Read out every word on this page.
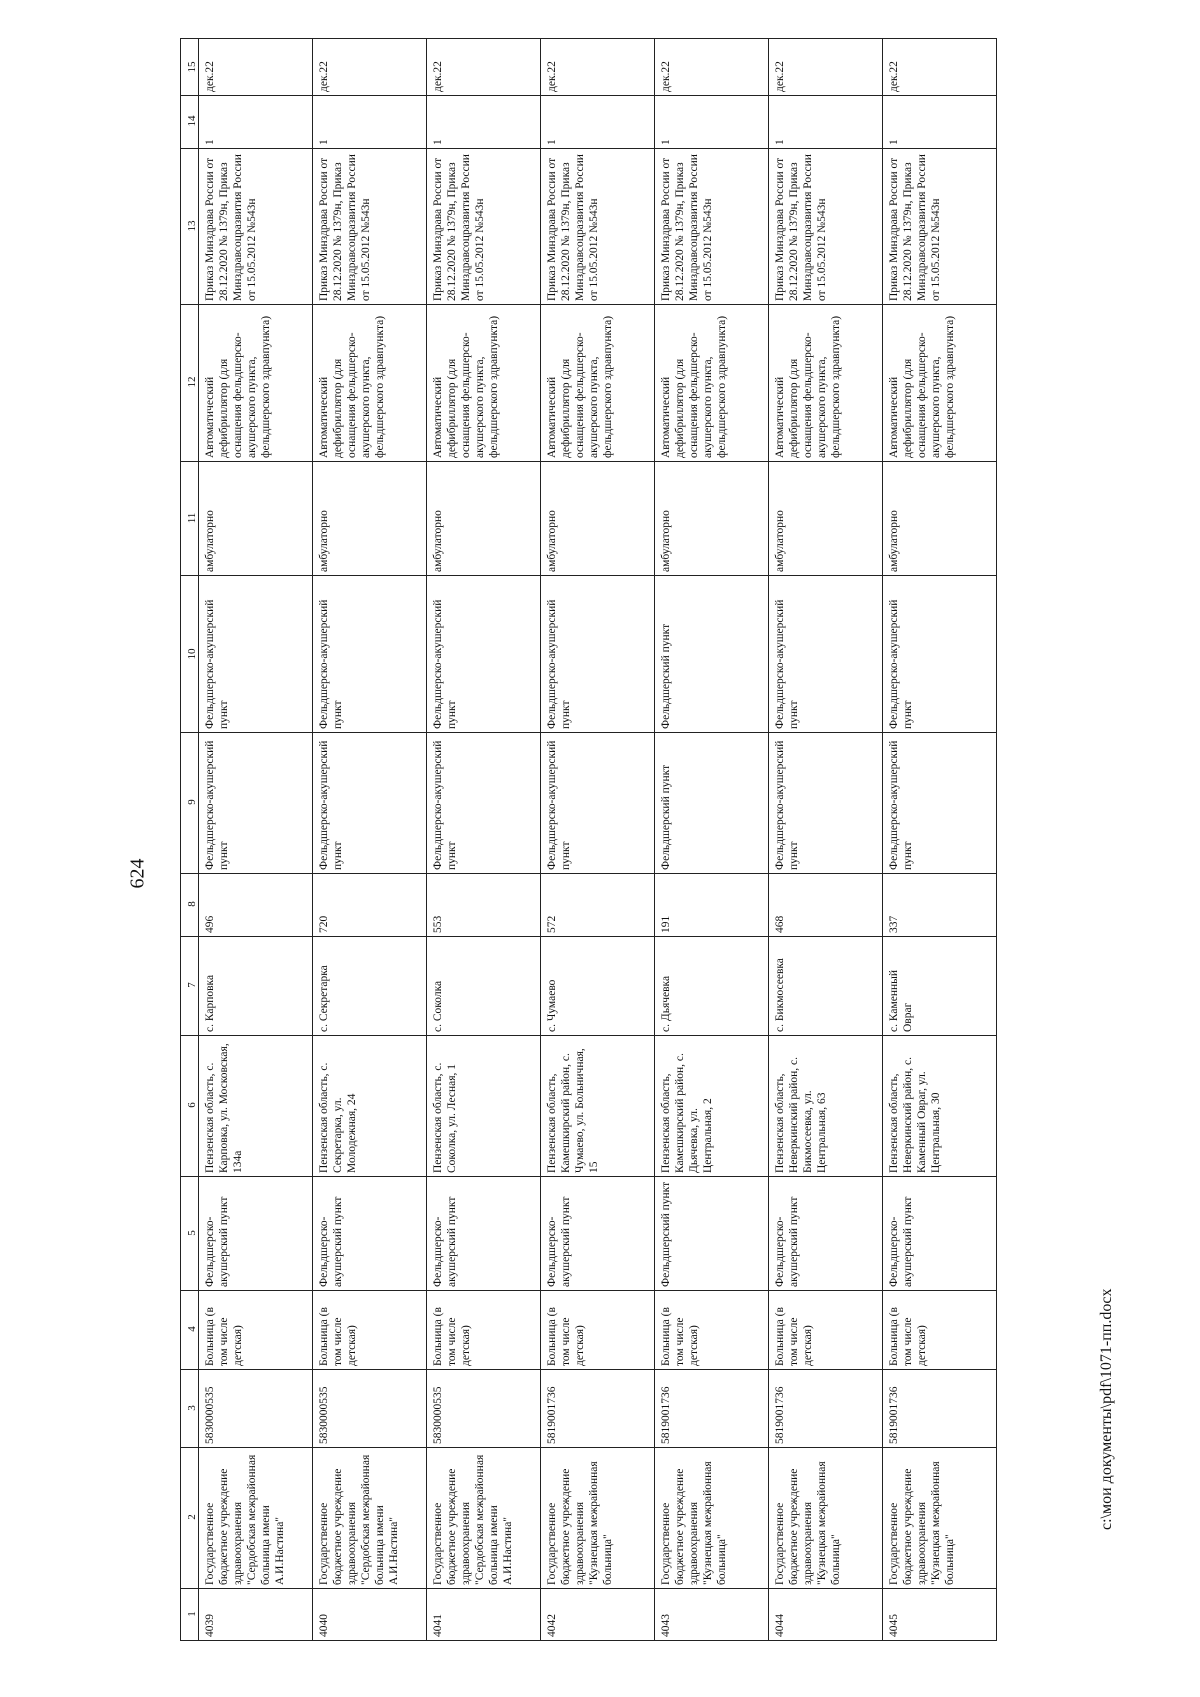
624
15	дек.22	дек.22	дек.22	дек.22	дек.22	дек.22	дек.22

14	1	1	1	1	1	1	1

13	Приказ Минздрава России от 28.12.2020 № 1379н, Приказ Минздравсоцразвития России от 15.05.2012 №543н	Приказ Минздрава России от 28.12.2020 № 1379н, Приказ Минздравсоцразвития России от 15.05.2012 №543н	Приказ Минздрава России от 28.12.2020 № 1379н, Приказ Минздравсоцразвития России от 15.05.2012 №543н	Приказ Минздрава России от 28.12.2020 № 1379н, Приказ Минздравсоцразвития России от 15.05.2012 №543н	Приказ Минздрава России от 28.12.2020 № 1379н, Приказ Минздравсоцразвития России от 15.05.2012 №543н	Приказ Минздрава России от 28.12.2020 № 1379н, Приказ Минздравсоцразвития России от 15.05.2012 №543н	Приказ Минздрава России от 28.12.2020 № 1379н, Приказ Минздравсоцразвития России от 15.05.2012 №543н

12	Автоматический дефибриллятор (для оснащения фельдшерско-акушерского пункта, фельдшерского здравпункта)	Автоматический дефибриллятор (для оснащения фельдшерско-акушерского пункта, фельдшерского здравпункта)	Автоматический дефибриллятор (для оснащения фельдшерско-акушерского пункта, фельдшерского здравпункта)	Автоматический дефибриллятор (для оснащения фельдшерско-акушерского пункта, фельдшерского здравпункта)	Автоматический дефибриллятор (для оснащения фельдшерско-акушерского пункта, фельдшерского здравпункта)	Автоматический дефибриллятор (для оснащения фельдшерско-акушерского пункта, фельдшерского здравпункта)	Автоматический дефибриллятор (для оснащения фельдшерско-акушерского пункта, фельдшерского здравпункта)

11	амбулаторно	амбулаторно	амбулаторно	амбулаторно	амбулаторно	амбулаторно	амбулаторно

10	Фельдшерско-акушерский пункт	Фельдшерско-акушерский пункт	Фельдшерско-акушерский пункт	Фельдшерско-акушерский пункт	Фельдшерский пункт	Фельдшерско-акушерский пункт	Фельдшерско-акушерский пункт

9	Фельдшерско-акушерский пункт	Фельдшерско-акушерский пункт	Фельдшерско-акушерский пункт	Фельдшерско-акушерский пункт	Фельдшерский пункт	Фельдшерско-акушерский пункт	Фельдшерско-акушерский пункт

8	496	720	553	572	191	468	337

7	с. Карповка	с. Секретарка	с. Соколка	с. Чумаево	с. Дьячевка	с. Бикмосеевка	с. Каменный Овраг

6	Пензенская область, с. Карповка, ул. Московская, 134а	Пензенская область, с. Секретарка, ул. Молодежная, 24	Пензенская область, с. Соколка, ул. Лесная, 1	Пензенская область, Камешкирский район, с. Чумаево, ул. Больничная, 15	Пензенская область, Камешкирский район, с. Дьячевка, ул. Центральная, 2	Пензенская область, Неверкинский район, с. Бикмосеевка, ул. Центральная, 63	Пензенская область, Неверкинский район, с. Каменный Овраг, ул. Центральная, 30

5	Фельдшерско-акушерский пункт	Фельдшерско-акушерский пункт	Фельдшерско-акушерский пункт	Фельдшерско-акушерский пункт	Фельдшерский пункт	Фельдшерско-акушерский пункт	Фельдшерско-акушерский пункт

4	Больница (в том числе детская)	Больница (в том числе детская)	Больница (в том числе детская)	Больница (в том числе детская)	Больница (в том числе детская)	Больница (в том числе детская)	Больница (в том числе детская)

3	5830000535	5830000535	5830000535	5819001736	5819001736	5819001736	5819001736

2	Государственное бюджетное учреждение здравоохранения "Сердобская межрайонная больница имени А.И.Настина"	Государственное бюджетное учреждение здравоохранения "Сердобская межрайонная больница имени А.И.Настина"	Государственное бюджетное учреждение здравоохранения "Сердобская межрайонная больница имени А.И.Настина"	Государственное бюджетное учреждение здравоохранения "Кузнецкая межрайонная больница"	Государственное бюджетное учреждение здравоохранения "Кузнецкая межрайонная больница"	Государственное бюджетное учреждение здравоохранения "Кузнецкая межрайонная больница"	Государственное бюджетное учреждение здравоохранения "Кузнецкая межрайонная больница"

1	4039	4040	4041	4042	4043	4044	4045
c:\мои документы\pdf\1071-пп.docx
